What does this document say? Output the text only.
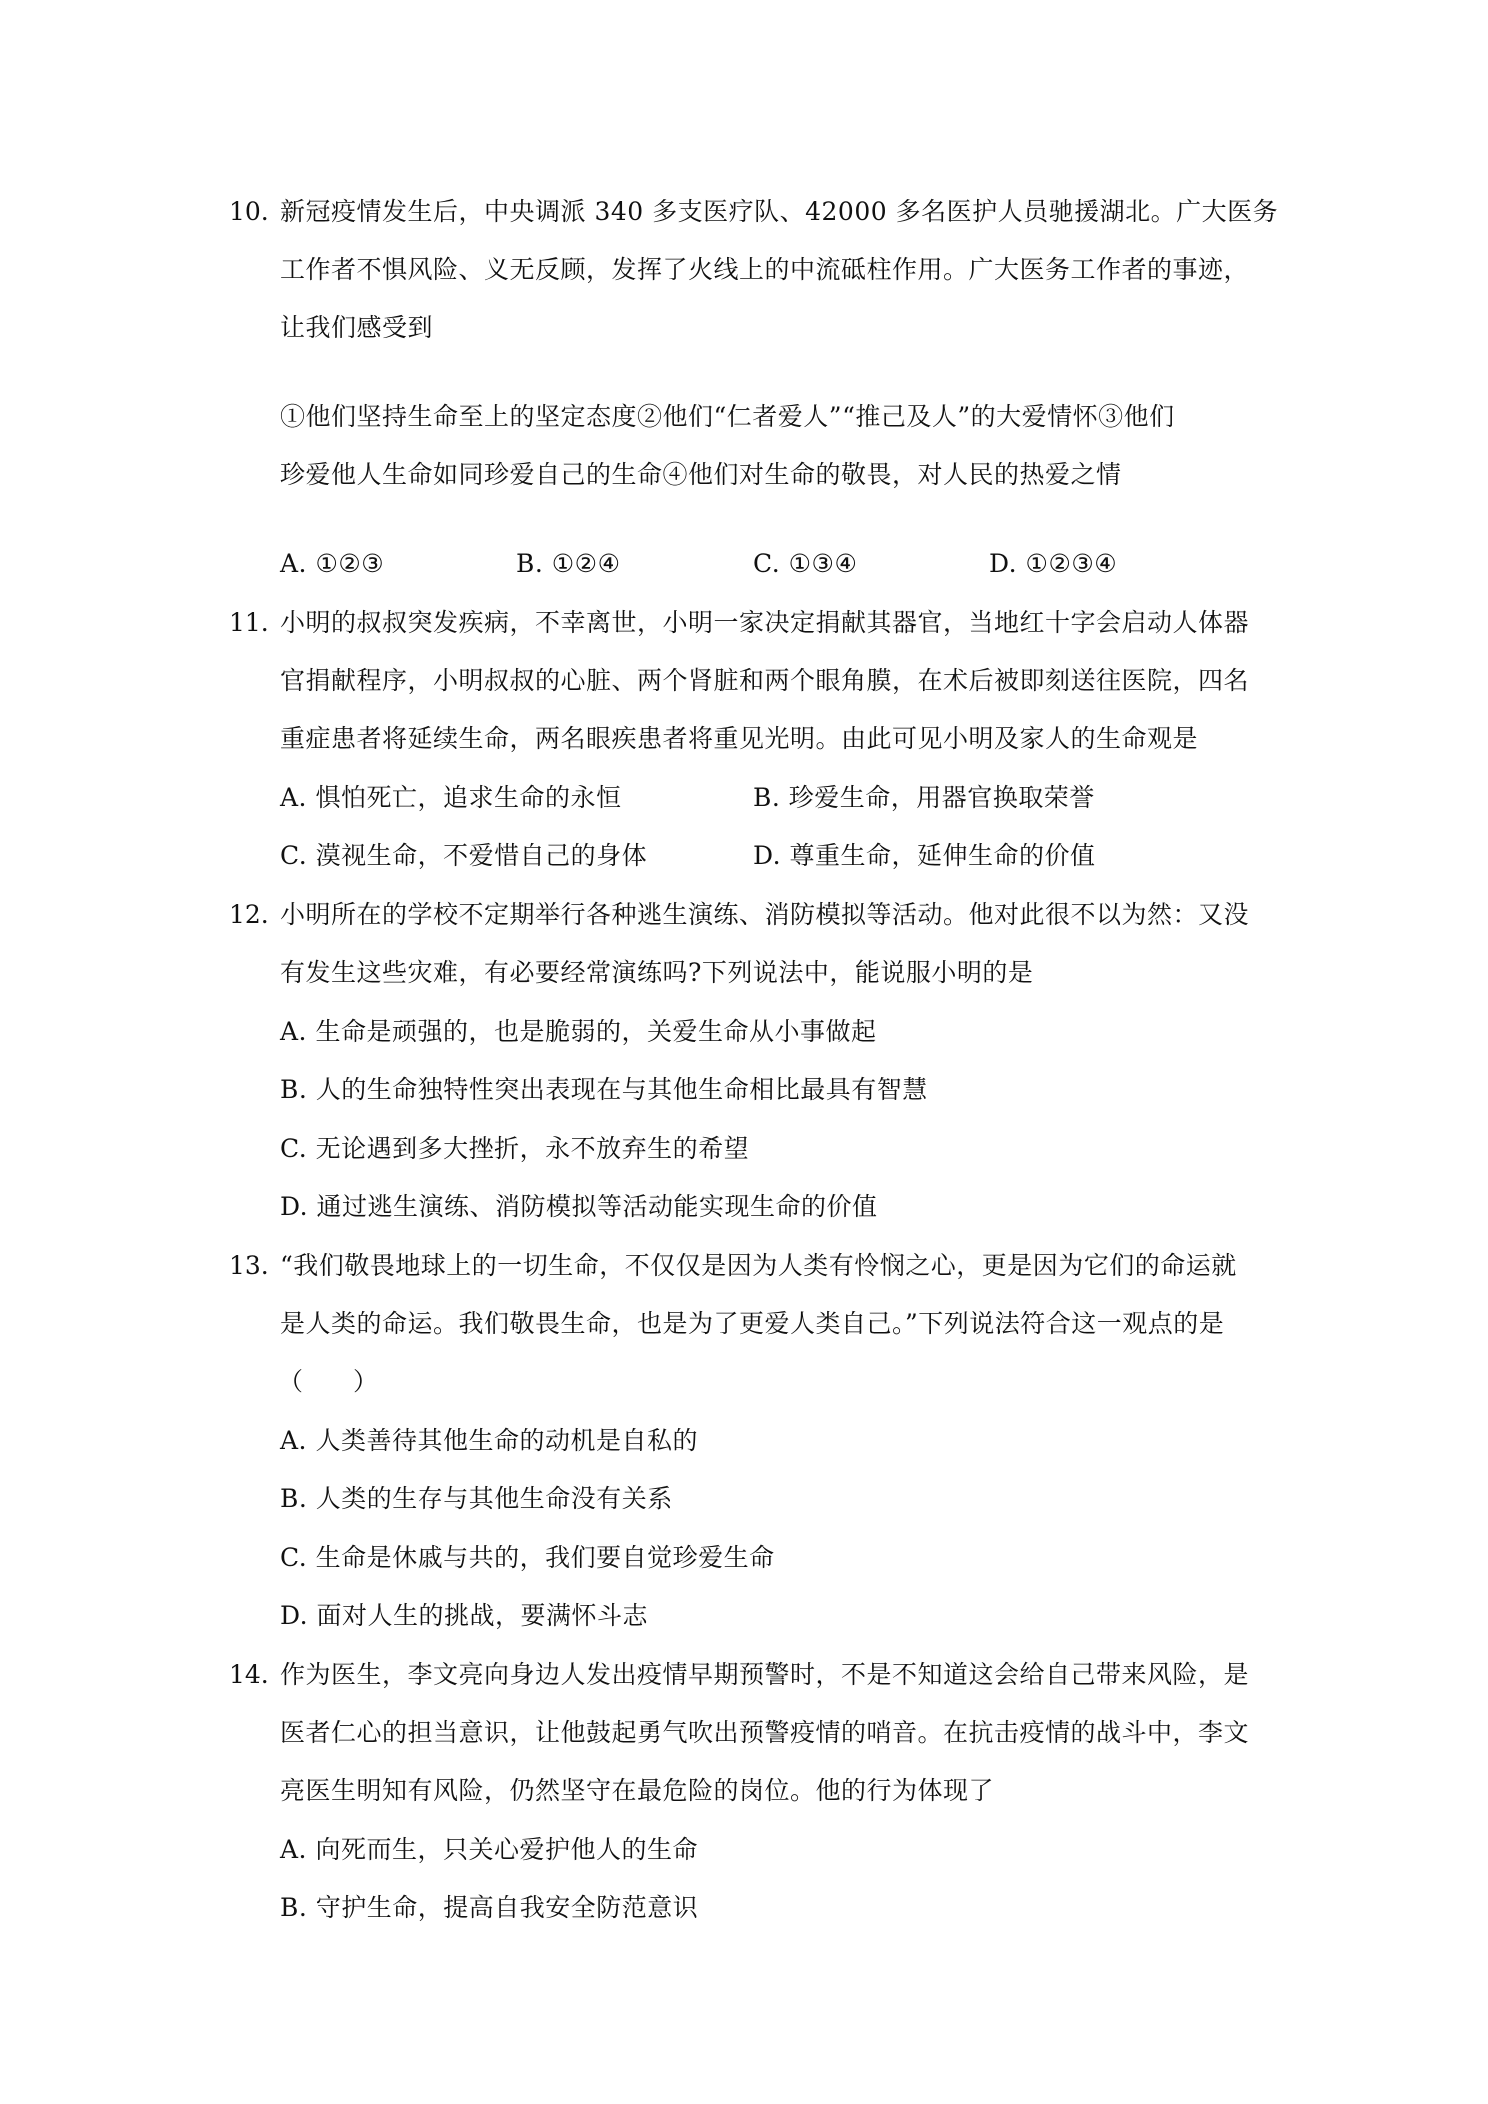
10. 新冠疫情发生后，中央调派 340 多支医疗队、42000 多名医护人员驰援湖北。广大医务
工作者不惧风险、义无反顾，发挥了火线上的中流砥柱作用。广大医务工作者的事迹，
让我们感受到
①他们坚持生命至上的坚定态度②他们“仁者爱人”“推己及人”的大爱情怀③他们
珍爱他人生命如同珍爱自己的生命④他们对生命的敬畏，对人民的热爱之情
A. ①②③	B. ①②④	C. ①③④	D. ①②③④
11. 小明的叔叔突发疾病，不幸离世，小明一家决定捐献其器官，当地红十字会启动人体器
官捐献程序，小明叔叔的心脏、两个肾脏和两个眼角膜，在术后被即刻送往医院，四名
重症患者将延续生命，两名眼疾患者将重见光明。由此可见小明及家人的生命观是
A. 惧怕死亡，追求生命的永恒	B. 珍爱生命，用器官换取荣誉
C. 漠视生命，不爱惜自己的身体	D. 尊重生命，延伸生命的价值
12. 小明所在的学校不定期举行各种逃生演练、消防模拟等活动。他对此很不以为然：又没
有发生这些灾难，有必要经常演练吗?下列说法中，能说服小明的是
A. 生命是顽强的，也是脆弱的，关爱生命从小事做起
B. 人的生命独特性突出表现在与其他生命相比最具有智慧
C. 无论遇到多大挫折，永不放弃生的希望
D. 通过逃生演练、消防模拟等活动能实现生命的价值
13. “我们敬畏地球上的一切生命，不仅仅是因为人类有怜悯之心，更是因为它们的命运就
是人类的命运。我们敬畏生命，也是为了更爱人类自己。”下列说法符合这一观点的是
（　　）
A. 人类善待其他生命的动机是自私的
B. 人类的生存与其他生命没有关系
C. 生命是休戚与共的，我们要自觉珍爱生命
D. 面对人生的挑战，要满怀斗志
14. 作为医生，李文亮向身边人发出疫情早期预警时，不是不知道这会给自己带来风险，是
医者仁心的担当意识，让他鼓起勇气吹出预警疫情的哨音。在抗击疫情的战斗中，李文
亮医生明知有风险，仍然坚守在最危险的岗位。他的行为体现了
A. 向死而生，只关心爱护他人的生命
B. 守护生命，提高自我安全防范意识
